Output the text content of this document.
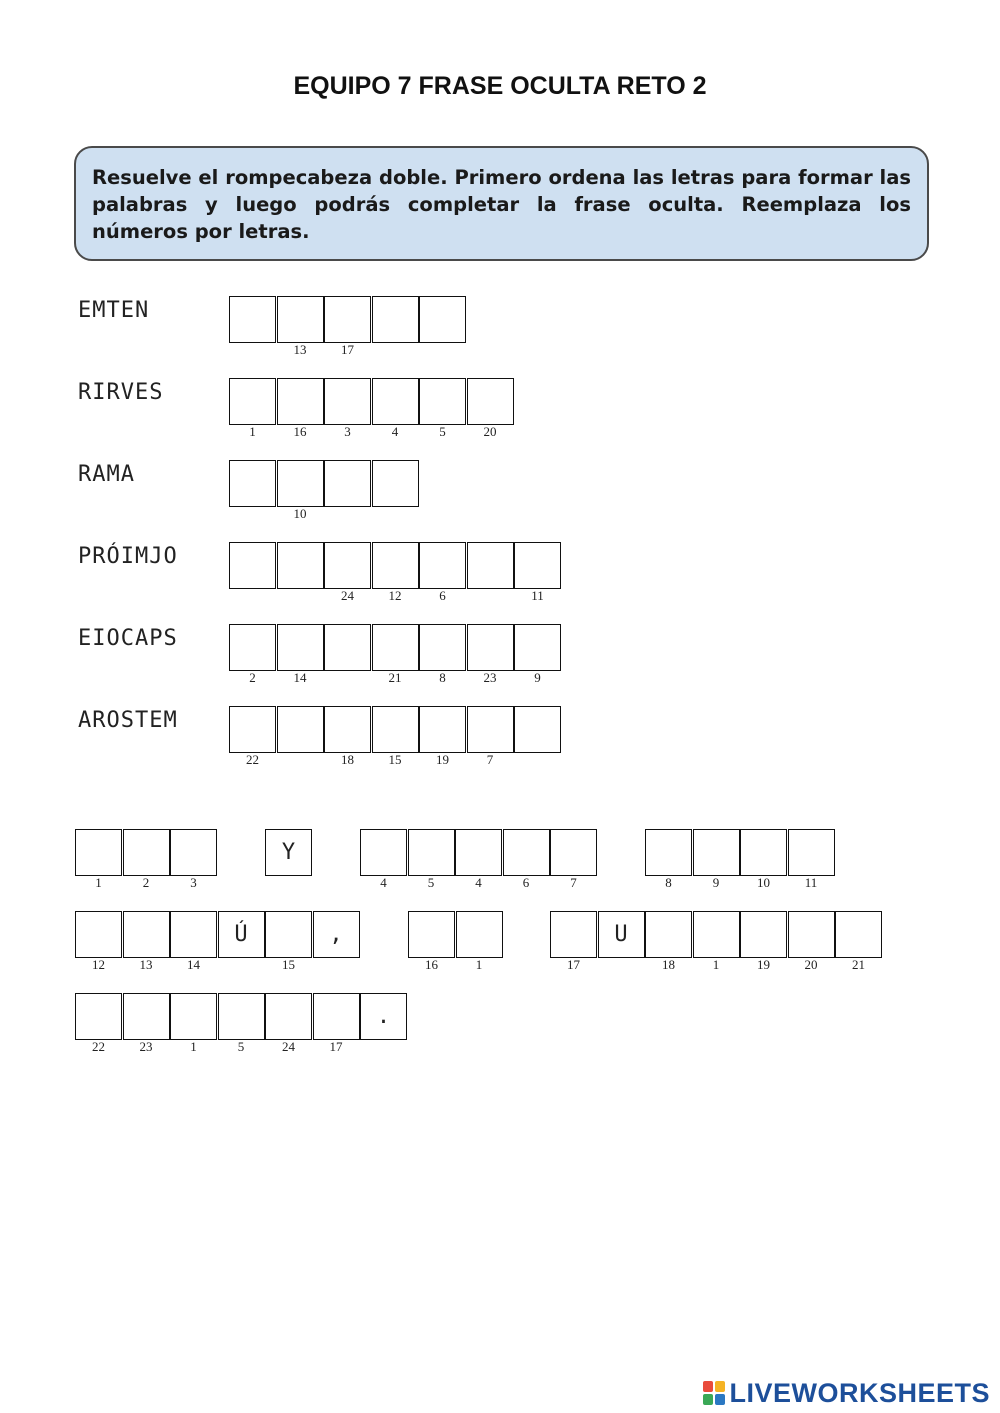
EQUIPO 7 FRASE OCULTA RETO 2
Resuelve el rompecabeza doble. Primero ordena las letras para formar las palabras y luego podrás completar la frase oculta. Reemplaza los números por letras.
EMTEN
13	17
RIRVES
1	16	3	4	5	20
RAMA
10
PRÓIMJO
24	12	6	11
EIOCAPS
2	14	21	8	23	9
AROSTEM
22	18	15	19	7
1	2	3
Y
4	5	4	6	7	8	9	10	11
12	13	14
Ú
15
,
16	1	17
U
18	1	19	20	21
22	23	1	5	24	17
.
LIVEWORKSHEETS
